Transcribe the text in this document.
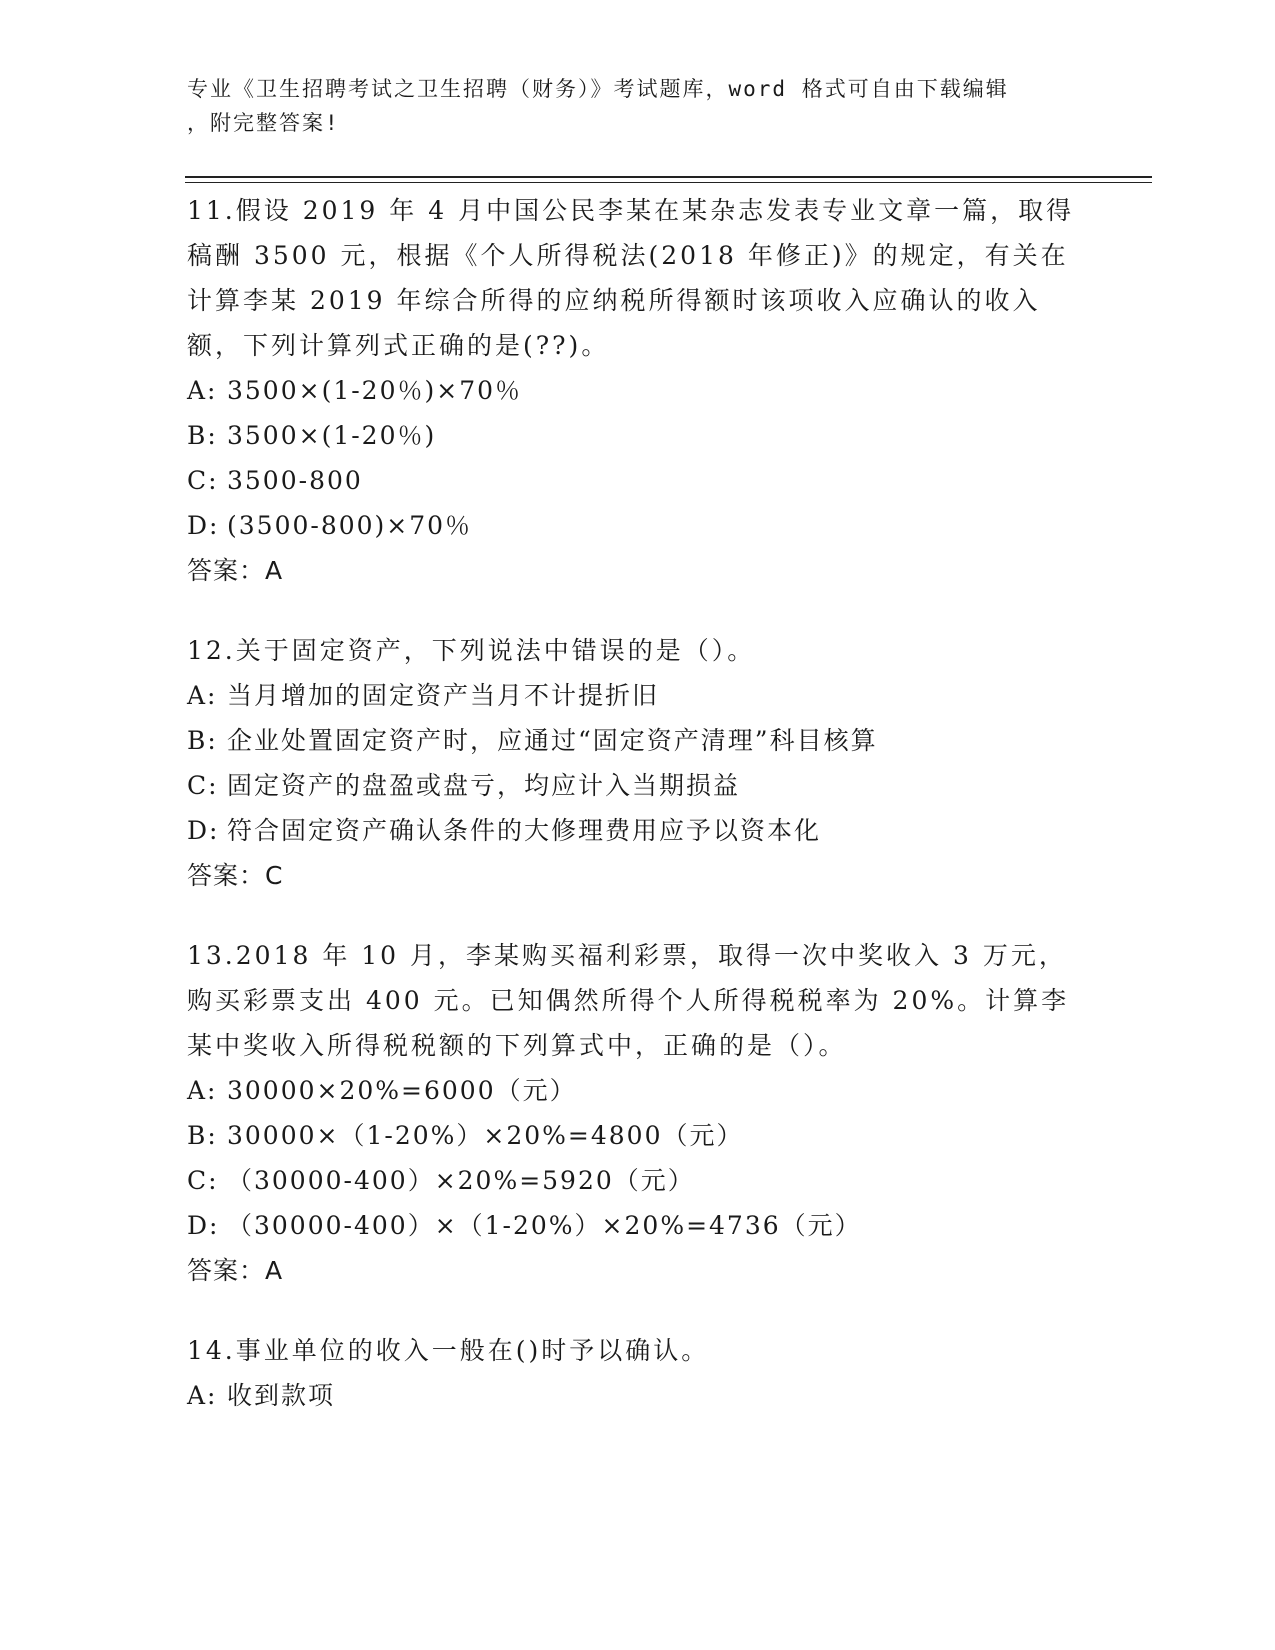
专业《卫生招聘考试之卫生招聘（财务）》考试题库，word 格式可自由下载编辑
，附完整答案!

11.假设 2019 年 4 月中国公民李某在某杂志发表专业文章一篇，取得稿酬 3500 元，根据《个人所得税法(2018 年修正)》的规定，有关在计算李某 2019 年综合所得的应纳税所得额时该项收入应确认的收入额，下列计算列式正确的是(??)。

A: 3500×(1-20％)×70％

B: 3500×(1-20％)

C: 3500-800

D: (3500-800)×70％

答案：A

12.关于固定资产，下列说法中错误的是（）。

A: 当月增加的固定资产当月不计提折旧

B: 企业处置固定资产时，应通过“固定资产清理”科目核算

C: 固定资产的盘盈或盘亏，均应计入当期损益

D: 符合固定资产确认条件的大修理费用应予以资本化

答案：C

13.2018 年 10 月，李某购买福利彩票，取得一次中奖收入 3 万元，购买彩票支出 400 元。已知偶然所得个人所得税税率为 20%。计算李某中奖收入所得税税额的下列算式中，正确的是（）。

A: 30000×20%=6000（元）

B: 30000×（1-20%）×20%=4800（元）

C: （30000-400）×20%=5920（元）

D: （30000-400）×（1-20%）×20%=4736（元）

答案：A

14.事业单位的收入一般在()时予以确认。

A: 收到款项
